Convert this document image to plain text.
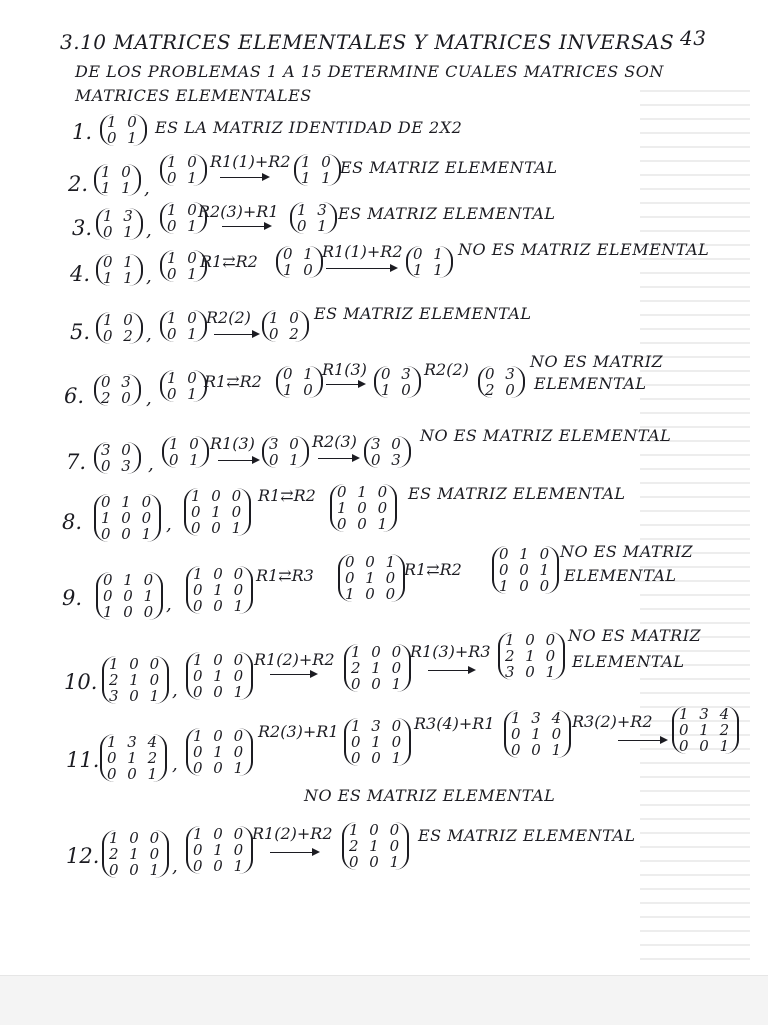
3.10 MATRICES ELEMENTALES Y MATRICES INVERSAS 43
DE LOS PROBLEMAS 1 A 15 DETERMINE CUALES MATRICES SON
MATRICES ELEMENTALES
1. 1 0
0 1
ES LA MATRIZ IDENTIDAD DE 2X2
2. 1 0
1 1 ,
1 0
0 1
R1(1)+R2 1 0
1 1
ES MATRIZ ELEMENTAL
3. 1 3
0 1 ,
1 0
0 1
R2(3)+R1 1 3
0 1
ES MATRIZ ELEMENTAL
4. 0 1
1 1 ,
1 0
0 1
R1⇄R2 0 1
1 0
R1(1)+R2 0 1
1 1
NO ES MATRIZ ELEMENTAL
5. 1 0
0 2 ,
1 0
0 1
R2(2) 1 0
0 2
ES MATRIZ ELEMENTAL
6.
0 3
2 0 ,
1 0
0 1
R1⇄R2 0 1
1 0
R1(3) 0 3
1 0
R2(2) 0 3
2 0
NO ES MATRIZ
ELEMENTAL
7. 3 0
0 3 ,
1 0
0 1
R1(3) 3 0
0 1
R2(3) 3 0
0 3
NO ES MATRIZ ELEMENTAL
8.
0 1 0
1 0 0
0 0 1 ,
1 0 0
0 1 0
0 0 1
R1⇄R2 0 1 0
1 0 0
0 0 1
ES MATRIZ ELEMENTAL
9.
0 1 0
0 0 1
1 0 0 ,
1 0 0
0 1 0
0 0 1
R1⇄R3
0 0 1
0 1 0
1 0 0
R1⇄R2
0 1 0
0 0 1
1 0 0
NO ES MATRIZ
ELEMENTAL
10.
1 0 0
2 1 0
3 0 1 ,
1 0 0
0 1 0
0 0 1
R1(2)+R2 1 0 0
2 1 0
0 0 1
R1(3)+R3
1 0 0
2 1 0
3 0 1
NO ES MATRIZ
ELEMENTAL
11.
1 3 4
0 1 2
0 0 1 ,
1 0 0
0 1 0
0 0 1
R2(3)+R1 1 3 0
0 1 0
0 0 1
R3(4)+R1 1 3 4
0 1 0
0 0 1
R3(2)+R2 1 3 4
0 1 2
0 0 1
NO ES MATRIZ ELEMENTAL
12.
1 0 0
2 1 0
0 0 1 ,
1 0 0
0 1 0
0 0 1
R1(2)+R2 1 0 0
2 1 0
0 0 1
ES MATRIZ ELEMENTAL
